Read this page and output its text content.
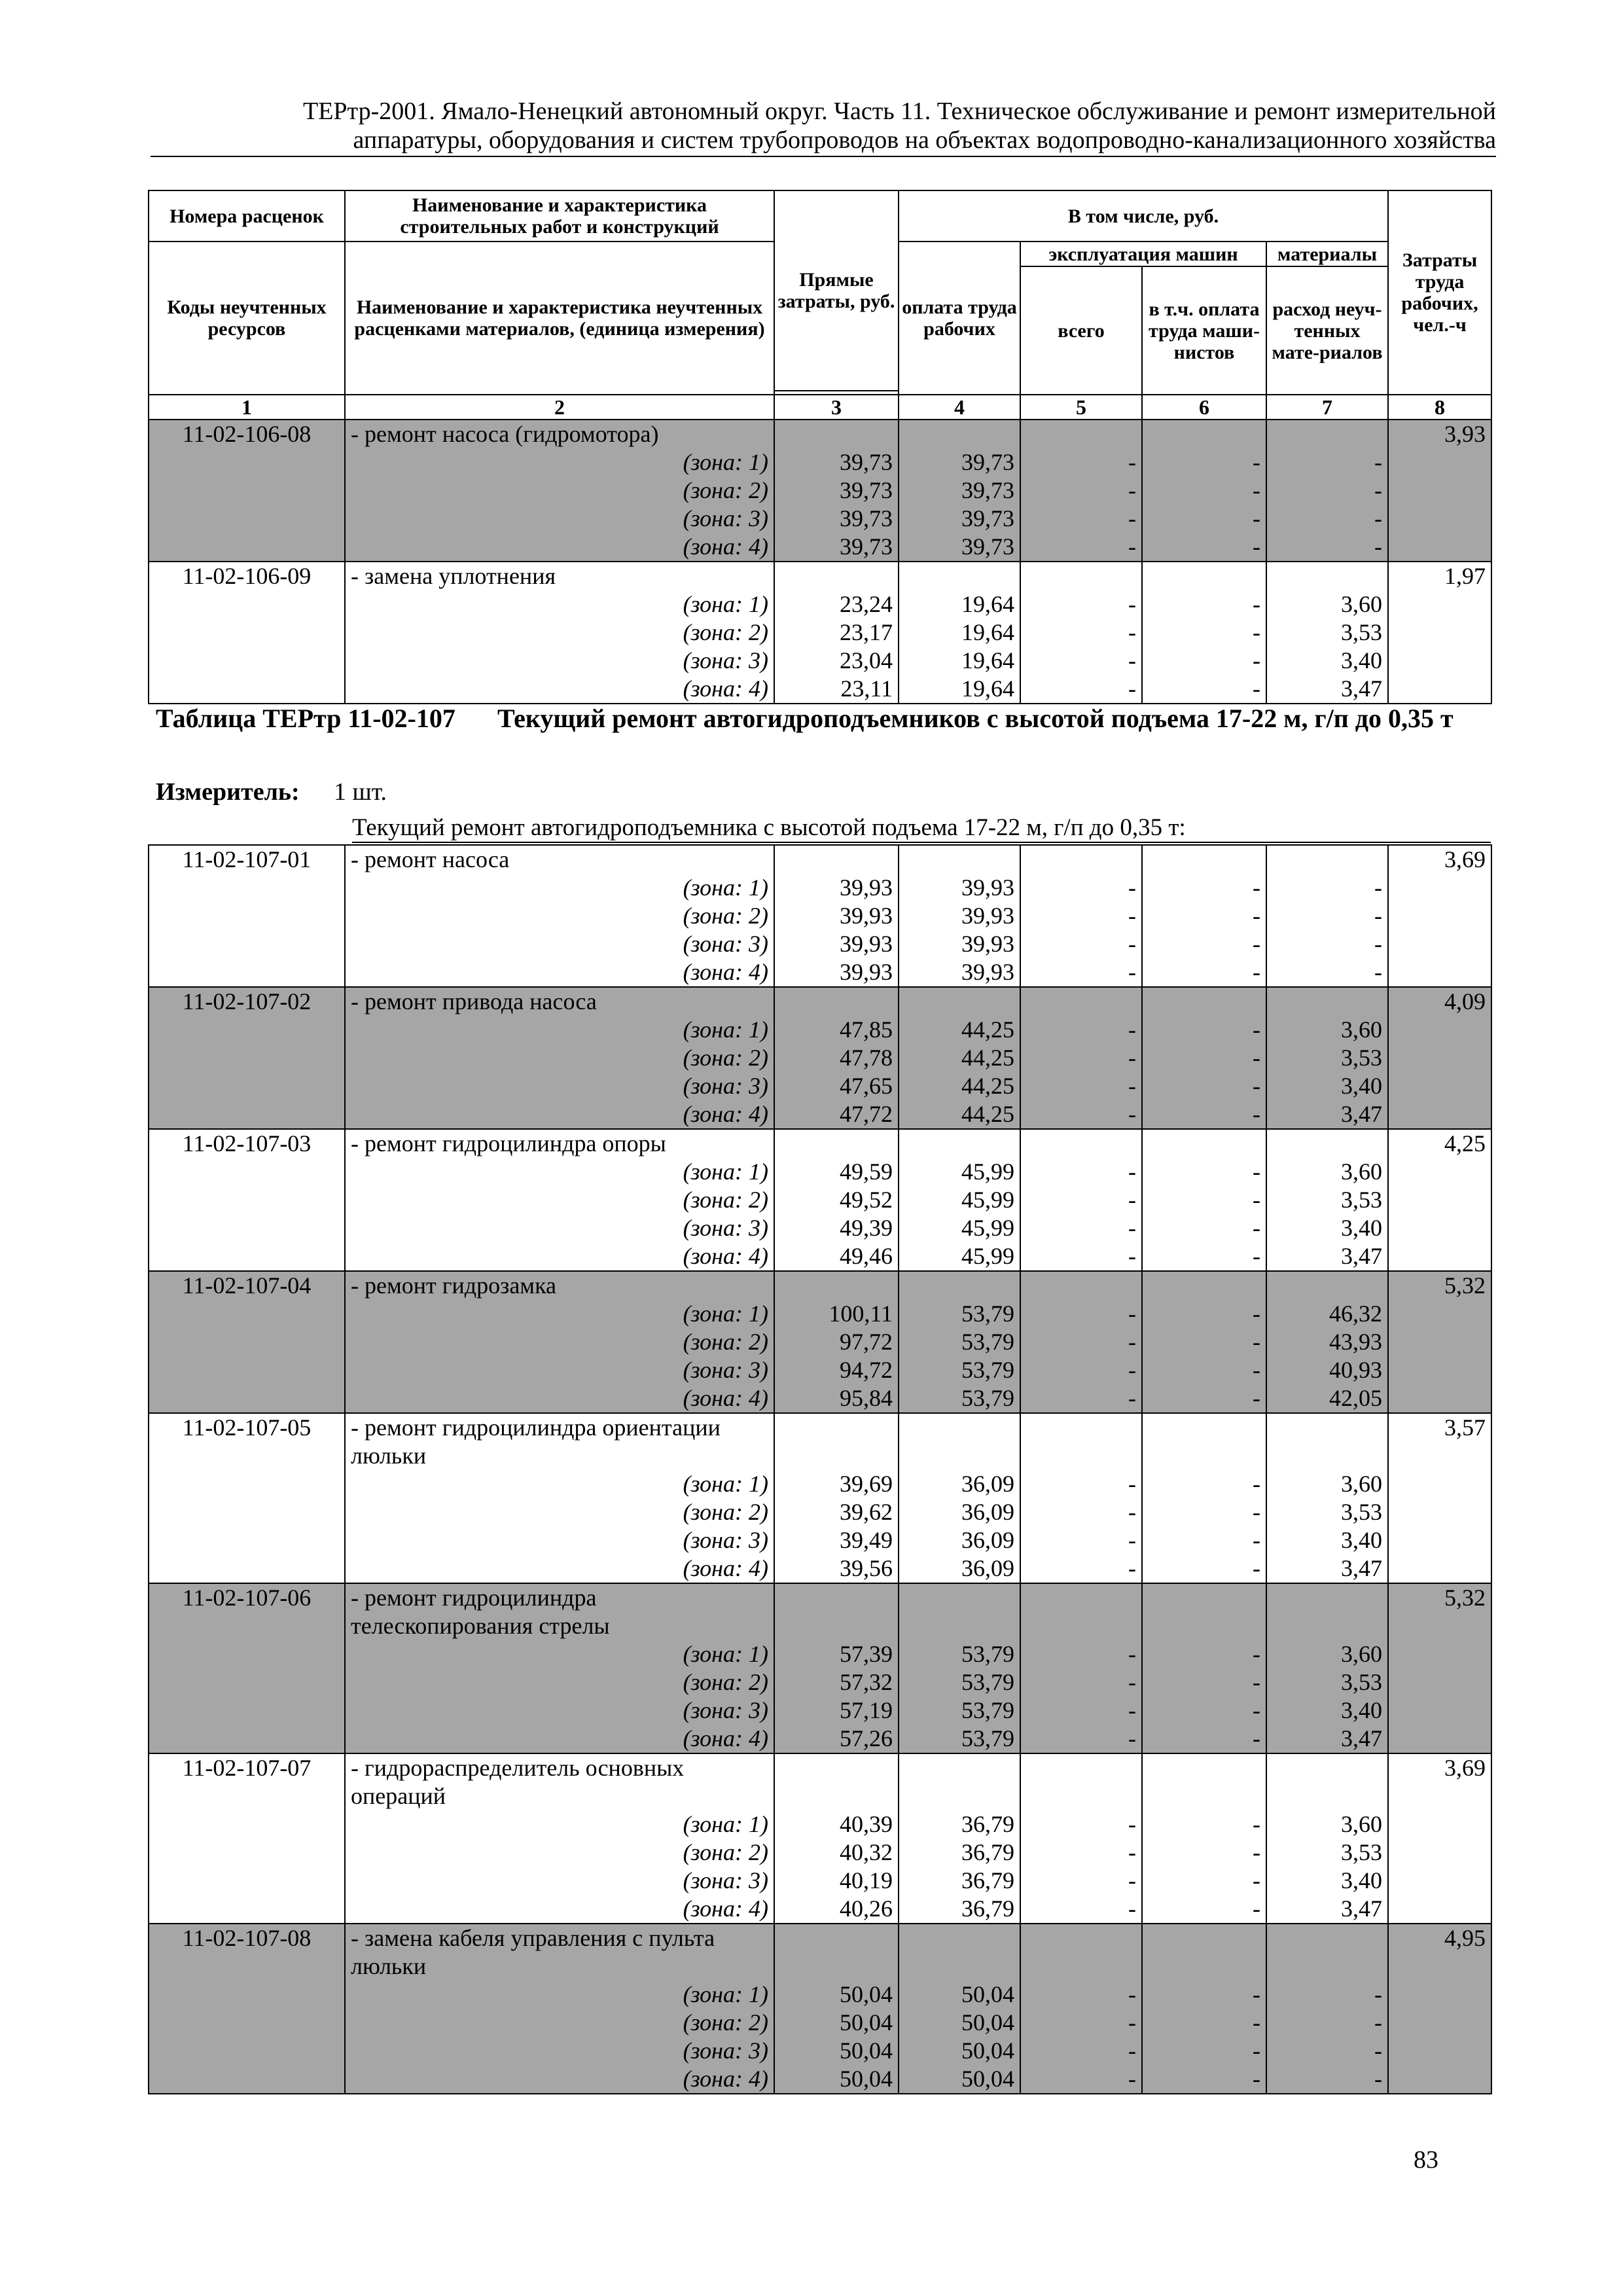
ТЕРтр-2001. Ямало-Ненецкий автономный округ. Часть 11. Техническое обслуживание и ремонт измерительной
аппаратуры, оборудования и систем трубопроводов на объектах водопроводно-канализационного хозяйства
Номера расценок	Наименование и характеристика строительных работ и конструкций	Прямые затраты, руб.	В том числе, руб.				Затраты труда рабочих, чел.-ч
Коды неучтенных ресурсов	Наименование и характеристика неучтенных расценками материалов, (единица измерения)		оплата труда рабочих	эксплуатация машин		материалы	
				всего	в т.ч. оплата труда маши-нистов	расход неуч-тенных мате-риалов	

1	2	3	4	5	6	7	8
11-02-106-08	- ремонт насоса (гидромотора)						3,93
	(зона: 1)	39,73	39,73	-	-	-	
	(зона: 2)	39,73	39,73	-	-	-	
	(зона: 3)	39,73	39,73	-	-	-	
	(зона: 4)	39,73	39,73	-	-	-	
11-02-106-09	- замена уплотнения						1,97
	(зона: 1)	23,24	19,64	-	-	3,60	
	(зона: 2)	23,17	19,64	-	-	3,53	
	(зона: 3)	23,04	19,64	-	-	3,40	
	(зона: 4)	23,11	19,64	-	-	3,47	
Таблица ТЕРтр 11-02-107 Текущий ремонт автогидроподъемников с высотой подъема 17-22 м, г/п до 0,35 т
Измеритель: 1 шт.
Текущий ремонт автогидроподъемника с высотой подъема 17-22 м, г/п до 0,35 т:
11-02-107-01	- ремонт насоса						3,69
	(зона: 1)	39,93	39,93	-	-	-	
	(зона: 2)	39,93	39,93	-	-	-	
	(зона: 3)	39,93	39,93	-	-	-	
	(зона: 4)	39,93	39,93	-	-	-	
11-02-107-02	- ремонт привода насоса						4,09
	(зона: 1)	47,85	44,25	-	-	3,60	
	(зона: 2)	47,78	44,25	-	-	3,53	
	(зона: 3)	47,65	44,25	-	-	3,40	
	(зона: 4)	47,72	44,25	-	-	3,47	
11-02-107-03	- ремонт гидроцилиндра опоры						4,25
	(зона: 1)	49,59	45,99	-	-	3,60	
	(зона: 2)	49,52	45,99	-	-	3,53	
	(зона: 3)	49,39	45,99	-	-	3,40	
	(зона: 4)	49,46	45,99	-	-	3,47	
11-02-107-04	- ремонт гидрозамка						5,32
	(зона: 1)	100,11	53,79	-	-	46,32	
	(зона: 2)	97,72	53,79	-	-	43,93	
	(зона: 3)	94,72	53,79	-	-	40,93	
	(зона: 4)	95,84	53,79	-	-	42,05	
11-02-107-05	- ремонт гидроцилиндра ориентации						3,57
	люльки						
	(зона: 1)	39,69	36,09	-	-	3,60	
	(зона: 2)	39,62	36,09	-	-	3,53	
	(зона: 3)	39,49	36,09	-	-	3,40	
	(зона: 4)	39,56	36,09	-	-	3,47	
11-02-107-06	- ремонт гидроцилиндра						5,32
	телескопирования стрелы						
	(зона: 1)	57,39	53,79	-	-	3,60	
	(зона: 2)	57,32	53,79	-	-	3,53	
	(зона: 3)	57,19	53,79	-	-	3,40	
	(зона: 4)	57,26	53,79	-	-	3,47	
11-02-107-07	- гидрораспределитель основных						3,69
	операций						
	(зона: 1)	40,39	36,79	-	-	3,60	
	(зона: 2)	40,32	36,79	-	-	3,53	
	(зона: 3)	40,19	36,79	-	-	3,40	
	(зона: 4)	40,26	36,79	-	-	3,47	
11-02-107-08	- замена кабеля управления с пульта						4,95
	люльки						
	(зона: 1)	50,04	50,04	-	-	-	
	(зона: 2)	50,04	50,04	-	-	-	
	(зона: 3)	50,04	50,04	-	-	-	
	(зона: 4)	50,04	50,04	-	-	-	
83
